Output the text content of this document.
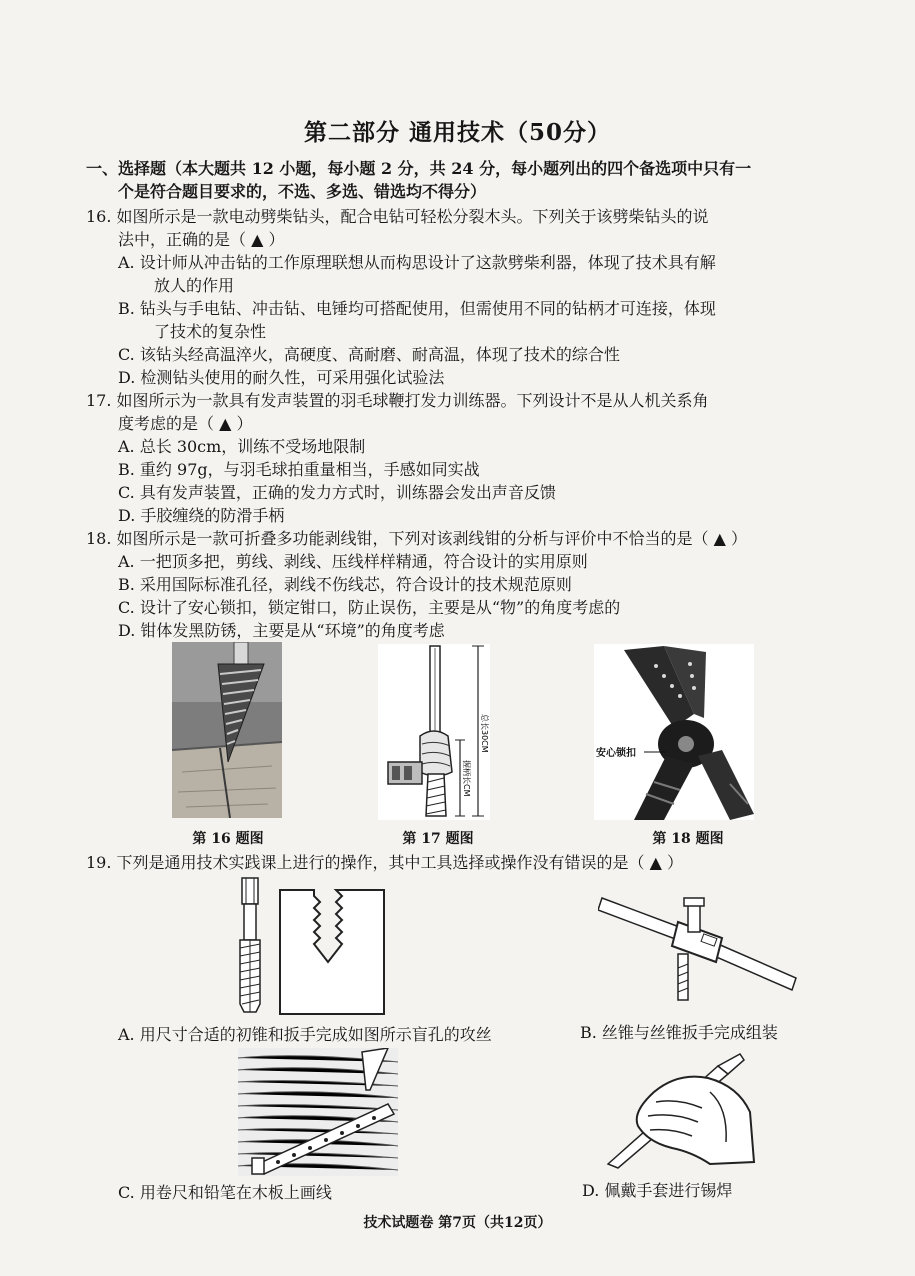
第二部分 通用技术（50分）
一、选择题（本大题共 12 小题，每小题 2 分，共 24 分，每小题列出的四个备选项中只有一
个是符合题目要求的，不选、多选、错选均不得分）
16. 如图所示是一款电动劈柴钻头，配合电钻可轻松分裂木头。下列关于该劈柴钻头的说
法中，正确的是（ ▲ ）
A. 设计师从冲击钻的工作原理联想从而构思设计了这款劈柴利器，体现了技术具有解
放人的作用
B. 钻头与手电钻、冲击钻、电锤均可搭配使用，但需使用不同的钻柄才可连接，体现
了技术的复杂性
C. 该钻头经高温淬火，高硬度、高耐磨、耐高温，体现了技术的综合性
D. 检测钻头使用的耐久性，可采用强化试验法
17. 如图所示为一款具有发声装置的羽毛球鞭打发力训练器。下列设计不是从人机关系角
度考虑的是（ ▲ ）
A. 总长 30cm，训练不受场地限制
B. 重约 97g，与羽毛球拍重量相当，手感如同实战
C. 具有发声装置，正确的发力方式时，训练器会发出声音反馈
D. 手胶缠绕的防滑手柄
18. 如图所示是一款可折叠多功能剥线钳，下列对该剥线钳的分析与评价中不恰当的是（ ▲ ）
A. 一把顶多把，剪线、剥线、压线样样精通，符合设计的实用原则
B. 采用国际标准孔径，剥线不伤线芯，符合设计的技术规范原则
C. 设计了安心锁扣，锁定钳口，防止误伤，主要是从“物”的角度考虑的
D. 钳体发黑防锈，主要是从“环境”的角度考虑
总长30CM
握柄长CM
安心锁扣
第 16 题图	第 17 题图	第 18 题图
19. 下列是通用技术实践课上进行的操作，其中工具选择或操作没有错误的是（ ▲ ）
A. 用尺寸合适的初锥和扳手完成如图所示盲孔的攻丝	B. 丝锥与丝锥扳手完成组装
C. 用卷尺和铅笔在木板上画线	D. 佩戴手套进行锡焊
技术试题卷 第7页（共12页）
